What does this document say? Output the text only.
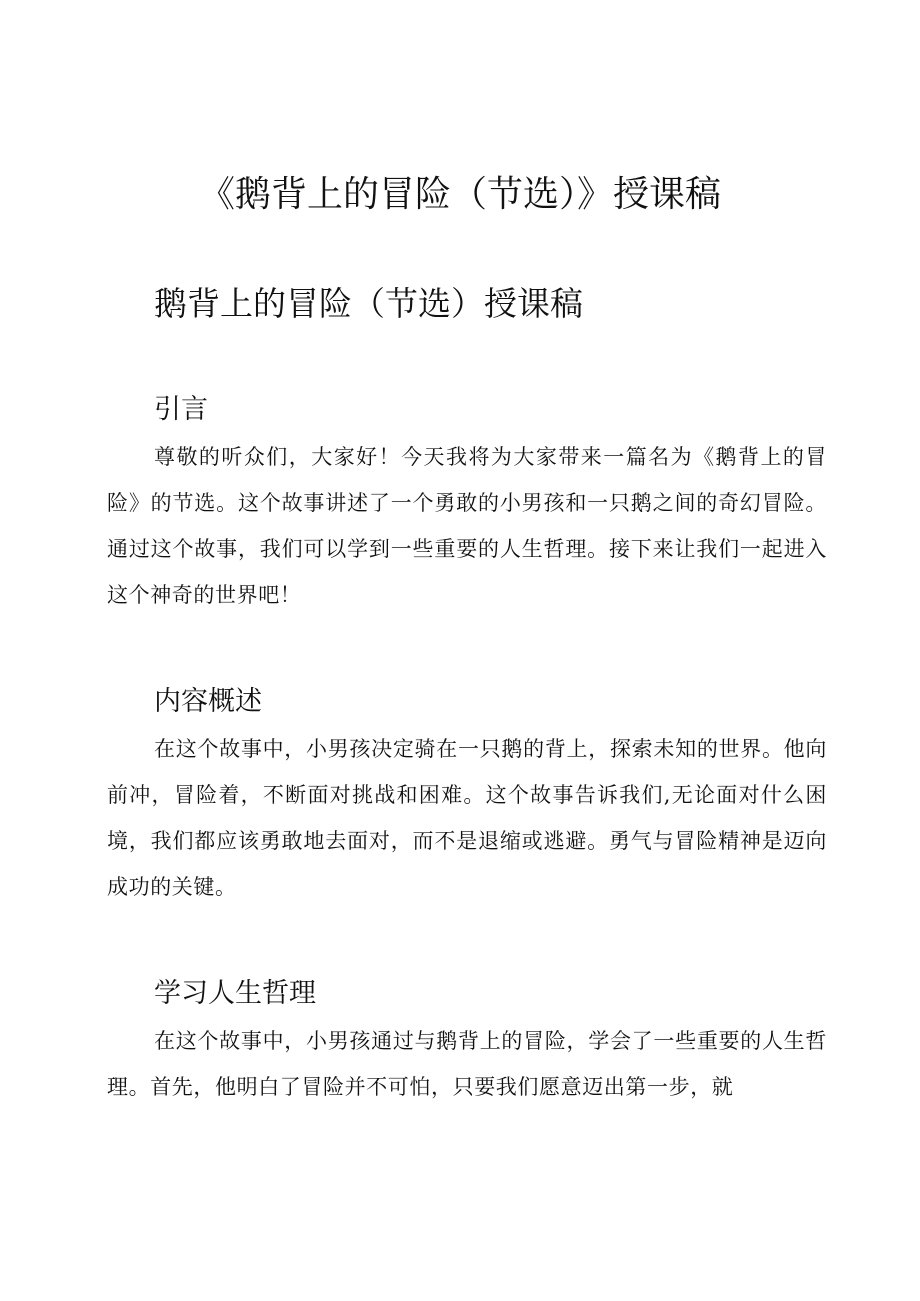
《鹅背上的冒险（节选）》授课稿
鹅背上的冒险（节选）授课稿
引言

尊敬的听众们，大家好！今天我将为大家带来一篇名为《鹅背上的冒险》的节选。这个故事讲述了一个勇敢的小男孩和一只鹅之间的奇幻冒险。通过这个故事，我们可以学到一些重要的人生哲理。接下来让我们一起进入这个神奇的世界吧！

内容概述

在这个故事中，小男孩决定骑在一只鹅的背上，探索未知的世界。他向前冲，冒险着，不断面对挑战和困难。这个故事告诉我们,无论面对什么困境，我们都应该勇敢地去面对，而不是退缩或逃避。勇气与冒险精神是迈向成功的关键。

学习人生哲理

在这个故事中，小男孩通过与鹅背上的冒险，学会了一些重要的人生哲理。首先，他明白了冒险并不可怕，只要我们愿意迈出第一步，就
